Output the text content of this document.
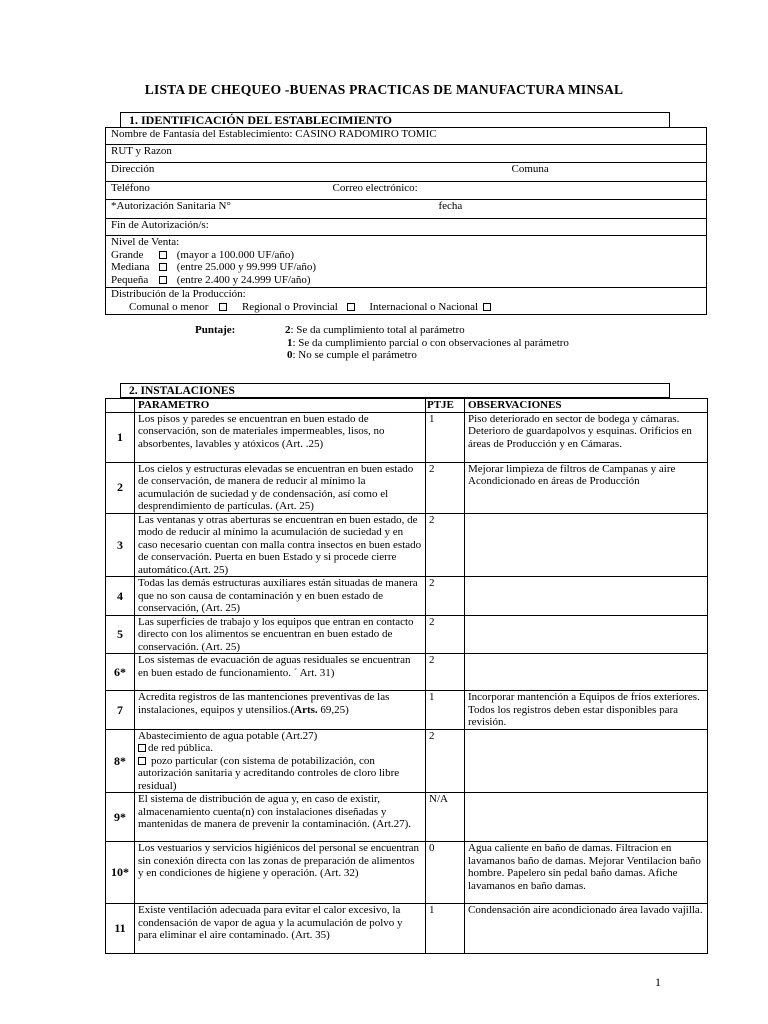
LISTA DE CHEQUEO -BUENAS PRACTICAS DE MANUFACTURA MINSAL
1. IDENTIFICACIÓN DEL ESTABLECIMIENTO
Nombre de Fantasía del Establecimiento: CASINO RADOMIRO TOMIC
RUT y Razon
Dirección	Comuna

Teléfono	Correo electrónico:

*Autorización Sanitaria N°	fecha

Fin de Autorización/s:

Nivel de Venta:
Grande	(mayor a 100.000 UF/año)
Mediana (entre 25.000 y 99.999 UF/año)
Pequeña	(entre 2.400 y 24.999 UF/año)

Distribución de la Producción:
Comunal o menor	Regional o Provincial	Internacional o Nacional
Puntaje:	2: Se da cumplimiento total al parámetro
1: Se da cumplimiento parcial o con observaciones al parámetro
0: No se cumple el parámetro
2. INSTALACIONES
	PARAMETRO	PTJE	OBSERVACIONES
1	Los pisos y paredes se encuentran en buen estado de conservación, son de materiales impermeables, lisos, no absorbentes, lavables y atóxicos (Art. .25)	1	Piso deteriorado en sector de bodega y cámaras. Deterioro de guardapolvos y esquinas. Orificios en áreas de Producción y en Cámaras.
2	Los cielos y estructuras elevadas se encuentran en buen estado de conservación, de manera de reducir al mínimo la acumulación de suciedad y de condensación, así como el desprendimiento de partículas. (Art. 25)	2	Mejorar limpieza de filtros de Campanas y aire Acondicionado en áreas de Producción
3	Las ventanas y otras aberturas se encuentran en buen estado, de modo de reducir al mínimo la acumulación de suciedad y en caso necesario cuentan con malla contra insectos en buen estado de conservación. Puerta en buen Estado y si procede cierre automático.(Art. 25)	2	
4	Todas las demás estructuras auxiliares están situadas de manera que no son causa de contaminación y en buen estado de conservación, (Art. 25)	2	
5	Las superficies de trabajo y los equipos que entran en contacto directo con los alimentos se encuentran en buen estado de conservación. (Art. 25)	2	
6*	Los sistemas de evacuación de aguas residuales se encuentran en buen estado de funcionamiento. ´ Art. 31)	2	
7	Acredita registros de las mantenciones preventivas de las instalaciones, equipos y utensilios.(Arts. 69,25)	1	Incorporar mantención a Equipos de fríos exteriores. Todos los registros deben estar disponibles para revisión.
8*	Abastecimiento de agua potable (Art.27)
de red pública.
pozo particular (con sistema de potabilización, con autorización sanitaria y acreditando controles de cloro libre residual)	2	
9*	El sistema de distribución de agua y, en caso de existir, almacenamiento cuenta(n) con instalaciones diseñadas y mantenidas de manera de prevenir la contaminación. (Art.27).	N/A	
10*	Los vestuarios y servicios higiénicos del personal se encuentran sin conexión directa con las zonas de preparación de alimentos y en condiciones de higiene y operación. (Art. 32)	0	Agua caliente en baño de damas. Filtracion en lavamanos baño de damas. Mejorar Ventilacion baño hombre. Papelero sin pedal baño damas. Afiche lavamanos en baño damas.
11	Existe ventilación adecuada para evitar el calor excesivo, la condensación de vapor de agua y la acumulación de polvo y para eliminar el aire contaminado. (Art. 35)	1	Condensación aire acondicionado área lavado vajilla.
1
